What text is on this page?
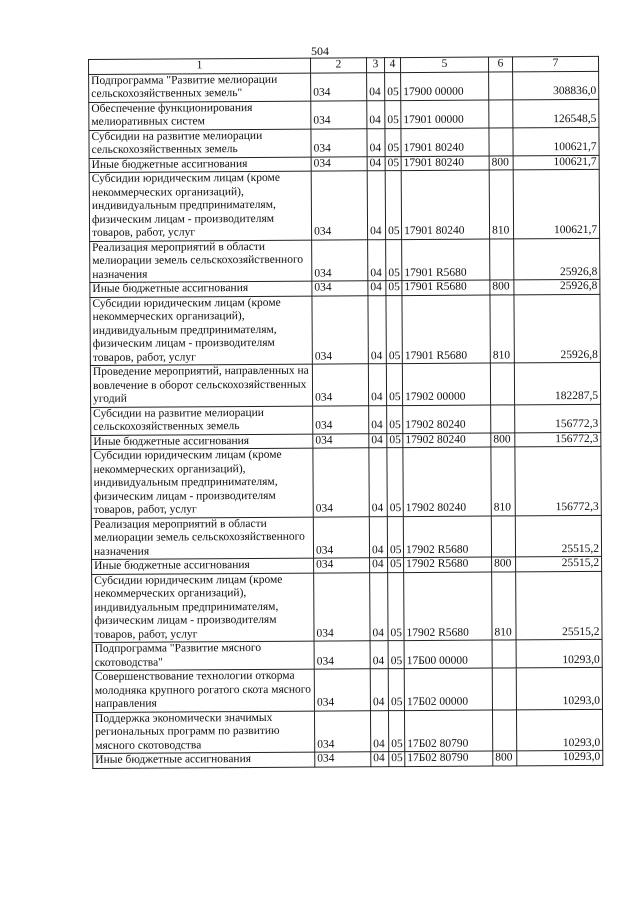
504
1	2	3	4	5	6	7
Подпрограмма "Развитие мелиорации сельскохозяйственных земель"	034	04	05	17900 00000		308836,0
Обеспечение функционирования мелиоративных систем	034	04	05	17901 00000		126548,5
Субсидии на развитие мелиорации сельскохозяйственных земель	034	04	05	17901 80240		100621,7
Иные бюджетные ассигнования	034	04	05	17901 80240	800	100621,7
Субсидии юридическим лицам (кроме некоммерческих организаций), индивидуальным предпринимателям, физическим лицам - производителям товаров, работ, услуг	034	04	05	17901 80240	810	100621,7
Реализация мероприятий в области мелиорации земель сельскохозяйственного назначения	034	04	05	17901 R5680		25926,8
Иные бюджетные ассигнования	034	04	05	17901 R5680	800	25926,8
Субсидии юридическим лицам (кроме некоммерческих организаций), индивидуальным предпринимателям, физическим лицам - производителям товаров, работ, услуг	034	04	05	17901 R5680	810	25926,8
Проведение мероприятий, направленных на вовлечение в оборот сельскохозяйственных угодий	034	04	05	17902 00000		182287,5
Субсидии на развитие мелиорации сельскохозяйственных земель	034	04	05	17902 80240		156772,3
Иные бюджетные ассигнования	034	04	05	17902 80240	800	156772,3
Субсидии юридическим лицам (кроме некоммерческих организаций), индивидуальным предпринимателям, физическим лицам - производителям товаров, работ, услуг	034	04	05	17902 80240	810	156772,3
Реализация мероприятий в области мелиорации земель сельскохозяйственного назначения	034	04	05	17902 R5680		25515,2
Иные бюджетные ассигнования	034	04	05	17902 R5680	800	25515,2
Субсидии юридическим лицам (кроме некоммерческих организаций), индивидуальным предпринимателям, физическим лицам - производителям товаров, работ, услуг	034	04	05	17902 R5680	810	25515,2
Подпрограмма "Развитие мясного скотоводства"	034	04	05	17Б00 00000		10293,0
Совершенствование технологии откорма молодняка крупного рогатого скота мясного направления	034	04	05	17Б02 00000		10293,0
Поддержка экономически значимых региональных программ по развитию мясного скотоводства	034	04	05	17Б02 80790		10293,0
Иные бюджетные ассигнования	034	04	05	17Б02 80790	800	10293,0
